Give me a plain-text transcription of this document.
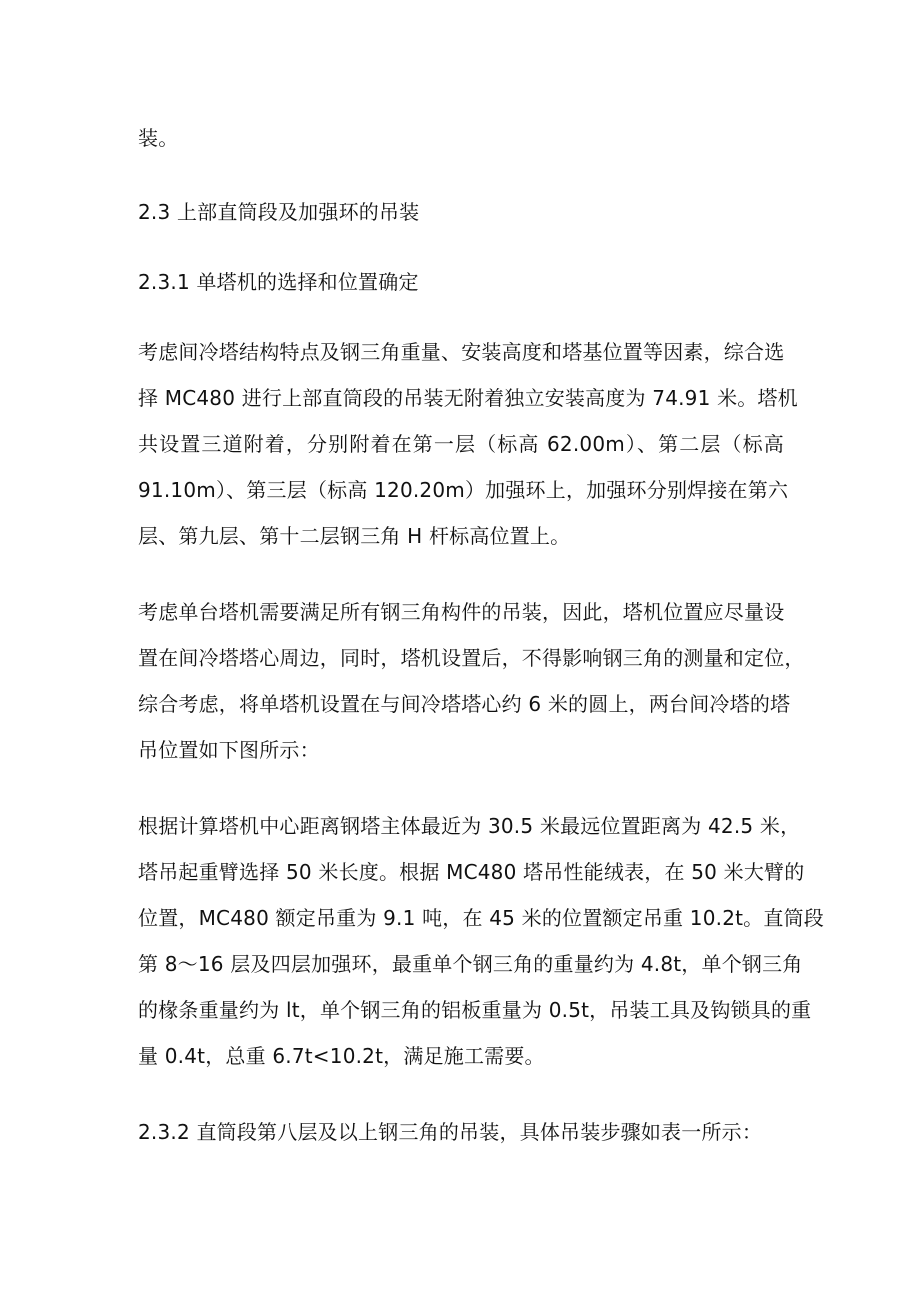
装。
2.3 上部直筒段及加强环的吊装
2.3.1 单塔机的选择和位置确定
考虑间冷塔结构特点及钢三角重量、安装高度和塔基位置等因素，综合选
择 MC480 进行上部直筒段的吊装无附着独立安装高度为 74.91 米。塔机
共设置三道附着，分别附着在第一层（标高 62.00m）、第二层（标高
91.10m）、第三层（标高 120.20m）加强环上，加强环分别焊接在第六
层、第九层、第十二层钢三角 H 杆标高位置上。
考虑单台塔机需要满足所有钢三角构件的吊装，因此，塔机位置应尽量设
置在间冷塔塔心周边，同时，塔机设置后，不得影响钢三角的测量和定位，
综合考虑，将单塔机设置在与间冷塔塔心约 6 米的圆上，两台间冷塔的塔
吊位置如下图所示：
根据计算塔机中心距离钢塔主体最近为 30.5 米最远位置距离为 42.5 米，
塔吊起重臂选择 50 米长度。根据 MC480 塔吊性能绒表，在 50 米大臂的
位置，MC480 额定吊重为 9.1 吨，在 45 米的位置额定吊重 10.2t。直筒段
第 8～16 层及四层加强环，最重单个钢三角的重量约为 4.8t，单个钢三角
的椽条重量约为 lt，单个钢三角的铝板重量为 0.5t，吊装工具及钩锁具的重
量 0.4t，总重 6.7t<10.2t，满足施工需要。
2.3.2 直筒段第八层及以上钢三角的吊装，具体吊装步骤如表一所示：
